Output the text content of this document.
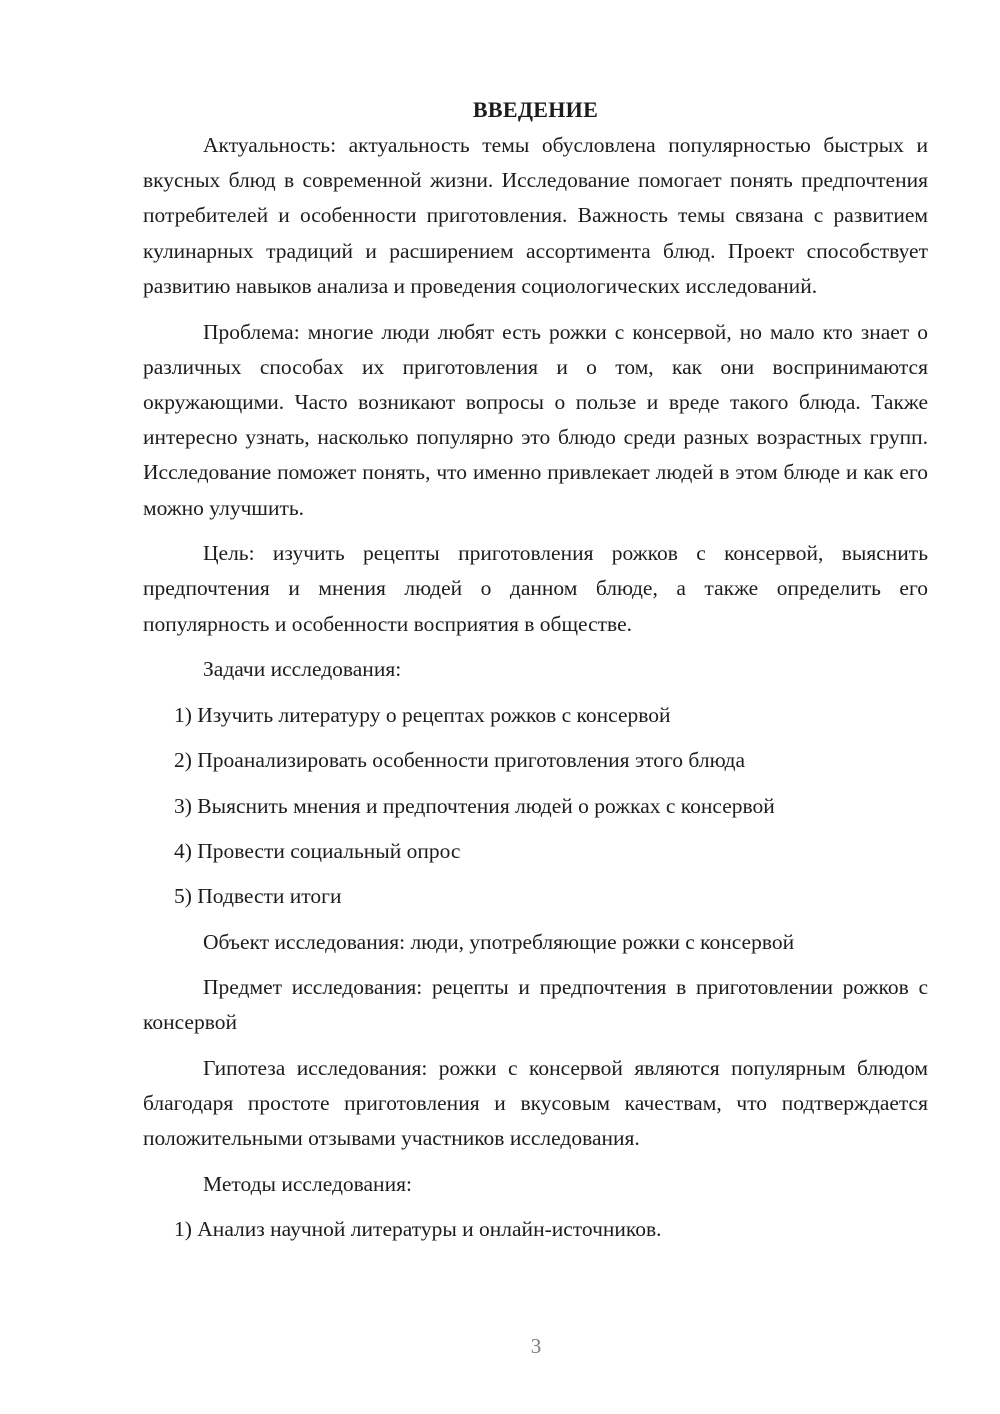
ВВЕДЕНИЕ

Актуальность: актуальность темы обусловлена популярностью быстрых и вкусных блюд в современной жизни. Исследование помогает понять предпочтения потребителей и особенности приготовления. Важность темы связана с развитием кулинарных традиций и расширением ассортимента блюд. Проект способствует развитию навыков анализа и проведения социологических исследований.

Проблема: многие люди любят есть рожки с консервой, но мало кто знает о различных способах их приготовления и о том, как они воспринимаются окружающими. Часто возникают вопросы о пользе и вреде такого блюда. Также интересно узнать, насколько популярно это блюдо среди разных возрастных групп. Исследование поможет понять, что именно привлекает людей в этом блюде и как его можно улучшить.

Цель: изучить рецепты приготовления рожков с консервой, выяснить предпочтения и мнения людей о данном блюде, а также определить его популярность и особенности восприятия в обществе.

Задачи исследования:
1) Изучить литературу о рецептах рожков с консервой
2) Проанализировать особенности приготовления этого блюда
3) Выяснить мнения и предпочтения людей о рожках с консервой
4) Провести социальный опрос
5) Подвести итоги
Объект исследования: люди, употребляющие рожки с консервой

Предмет исследования: рецепты и предпочтения в приготовлении рожков с консервой

Гипотеза исследования: рожки с консервой являются популярным блюдом благодаря простоте приготовления и вкусовым качествам, что подтверждается положительными отзывами участников исследования.

Методы исследования:
1) Анализ научной литературы и онлайн-источников.
3
